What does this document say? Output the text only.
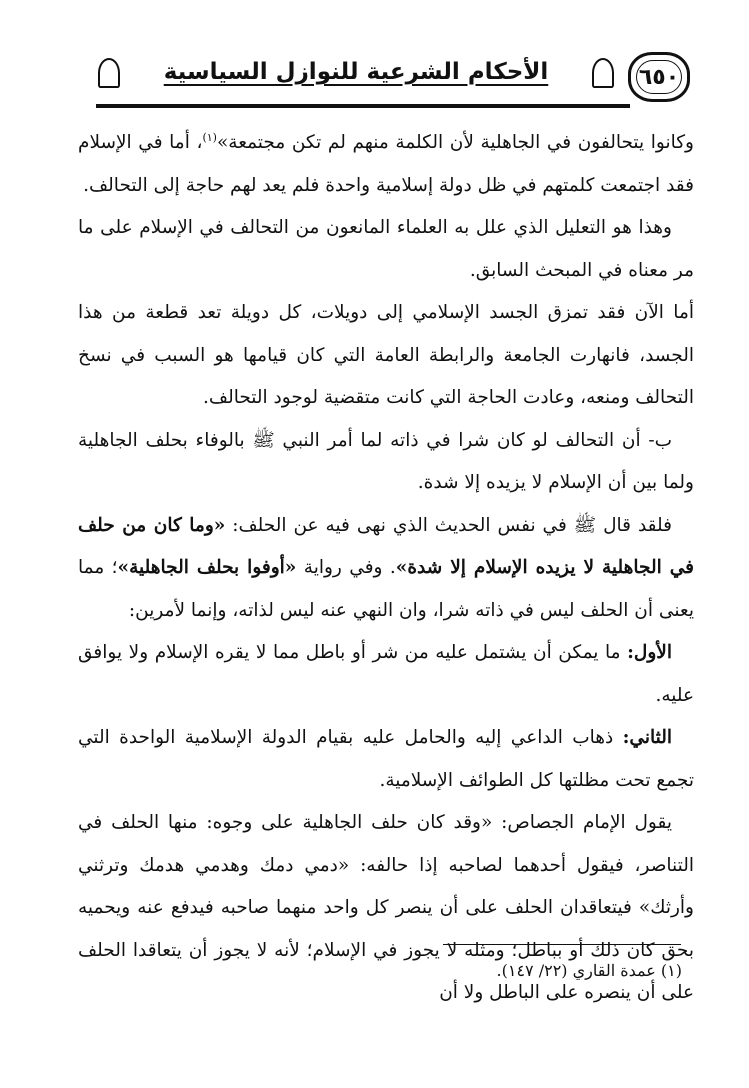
٦٥٠
الأحكام الشرعية للنوازل السياسية

وكانوا يتحالفون في الجاهلية لأن الكلمة منهم لم تكن مجتمعة»$^{(١)}$، أما في الإسلام فقد اجتمعت كلمتهم في ظل دولة إسلامية واحدة فلم يعد لهم حاجة إلى التحالف.

وهذا هو التعليل الذي علل به العلماء المانعون من التحالف في الإسلام على ما مر معناه في المبحث السابق.

أما الآن فقد تمزق الجسد الإسلامي إلى دويلات، كل دويلة تعد قطعة من هذا الجسد، فانهارت الجامعة والرابطة العامة التي كان قيامها هو السبب في نسخ التحالف ومنعه، وعادت الحاجة التي كانت متقضية لوجود التحالف.

ب- أن التحالف لو كان شرا في ذاته لما أمر النبي ﷺ بالوفاء بحلف الجاهلية ولما بين أن الإسلام لا يزيده إلا شدة.

فلقد قال ﷺ في نفس الحديث الذي نهى فيه عن الحلف: «وما كان من حلف في الجاهلية لا يزيده الإسلام إلا شدة». وفي رواية «أوفوا بحلف الجاهلية»؛ مما يعنى أن الحلف ليس في ذاته شرا، وان النهي عنه ليس لذاته، وإنما لأمرين:

الأول: ما يمكن أن يشتمل عليه من شر أو باطل مما لا يقره الإسلام ولا يوافق عليه.

الثاني: ذهاب الداعي إليه والحامل عليه بقيام الدولة الإسلامية الواحدة التي تجمع تحت مظلتها كل الطوائف الإسلامية.

يقول الإمام الجصاص: «وقد كان حلف الجاهلية على وجوه: منها الحلف في التناصر، فيقول أحدهما لصاحبه إذا حالفه: «دمي دمك وهدمي هدمك وترثني وأرثك» فيتعاقدان الحلف على أن ينصر كل واحد منهما صاحبه فيدفع عنه ويحميه بحق كان ذلك أو بباطل؛ ومثله لا يجوز في الإسلام؛ لأنه لا يجوز أن يتعاقدا الحلف على أن ينصره على الباطل ولا أن

(١) عمدة القاري (٢٢/ ١٤٧).
